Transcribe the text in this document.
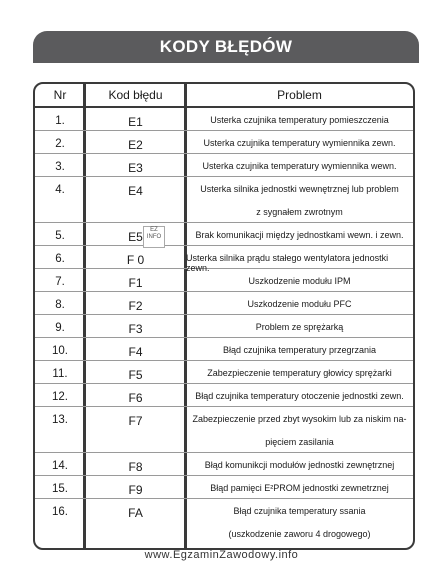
KODY BŁĘDÓW
Nr	Kod błędu	Problem
1.	E1	Usterka czujnika temperatury pomieszczenia
2.	E2	Usterka czujnika temperatury wymiennika zewn.
3.	E3	Usterka czujnika temperatury wymiennika wewn.
4.	E4	Usterka silnika jednostki wewnętrznej lub problem
z sygnałem zwrotnym
5.	E5	Brak komunikacji między jednostkami wewn. i zewn.
6.	F 0	Usterka silnika prądu stałego wentylatora jednostki zewn.
7.	F1	Uszkodzenie modułu IPM
8.	F2	Uszkodzenie modułu PFC
9.	F3	Problem ze sprężarką
10.	F4	Błąd czujnika temperatury przegrzania
11.	F5	Zabezpieczenie temperatury głowicy sprężarki
12.	F6	Błąd czujnika temperatury otoczenie jednostki zewn.
13.	F7	Zabezpieczenie przed zbyt wysokim lub za niskim na-
pięciem zasilania
14.	F8	Błąd komunikcji modułów jednostki zewnętrznej
15.	F9	Błąd pamięci E²PROM jednostki zewnetrznej
16.	FA	Błąd czujnika temperatury ssania
(uszkodzenie zaworu 4 drogowego)
EZ
INFO
www.EgzaminZawodowy.info
